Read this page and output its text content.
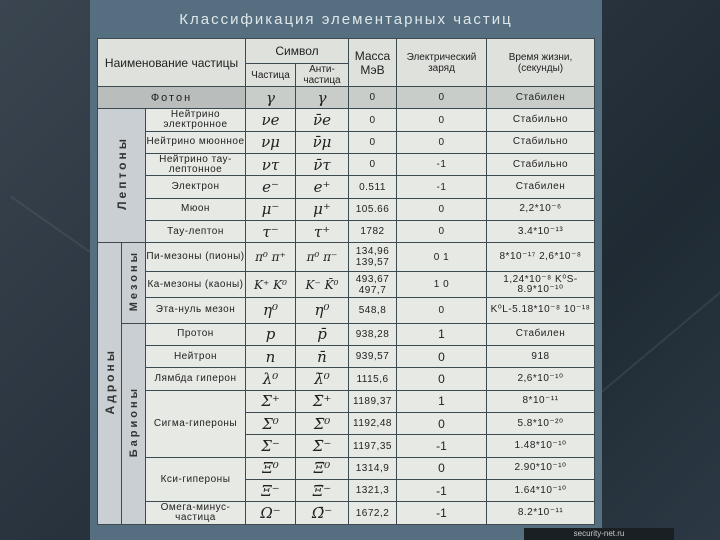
Классификация элементарных частиц
Наименование частицы			Символ		Масса МэВ	Электрический заряд	Время жизни, (секунды)
			Частица	Анти-частица			
Фотон			γ	γ	0	0	Стабилен
Лептоны		Нейтрино электронное	νe	ν̄e	0	0	Стабильно
		Нейтрино мюонное	νμ	ν̄μ	0	0	Стабильно
		Нейтрино тау-лептонное	ντ	ν̄τ	0	-1	Стабильно
		Электрон	e⁻	e⁺	0.511	-1	Стабилен
		Мюон	μ⁻	μ⁺	105.66	0	2,2*10⁻⁶
		Тау-лептон	τ⁻	τ⁺	1782	0	3.4*10⁻¹³
Адроны	Мезоны	Пи-мезоны (пионы)	π⁰ π⁺	π⁰ π⁻	134,96 139,57	0 1	8*10⁻¹⁷ 2,6*10⁻⁸
		Ка-мезоны (каоны)	K⁺ K⁰	K⁻ K̄⁰	493,67 497,7	1 0	1,24*10⁻⁸ K⁰S-8.9*10⁻¹⁰
		Эта-нуль мезон	η⁰	η⁰	548,8	0	K⁰L-5.18*10⁻⁸ 10⁻¹⁸
	Барионы	Протон	p	p̄	938,28	1	Стабилен
		Нейтрон	n	n̄	939,57	0	918
		Лямбда гиперон	λ⁰	λ̄⁰	1115,6	0	2,6*10⁻¹⁰
		Сигма-гипероны	Σ⁺	Σ̄⁺	1189,37	1	8*10⁻¹¹
			Σ⁰	Σ̄⁰	1192,48	0	5.8*10⁻²⁰
			Σ⁻	Σ̄⁻	1197,35	-1	1.48*10⁻¹⁰
		Кси-гипероны	Ξ⁰	Ξ̄⁰	1314,9	0	2.90*10⁻¹⁰
			Ξ⁻	Ξ̄⁻	1321,3	-1	1.64*10⁻¹⁰
		Омега-минус-частица	Ω⁻	Ω̄⁻	1672,2	-1	8.2*10⁻¹¹
security-net.ru
